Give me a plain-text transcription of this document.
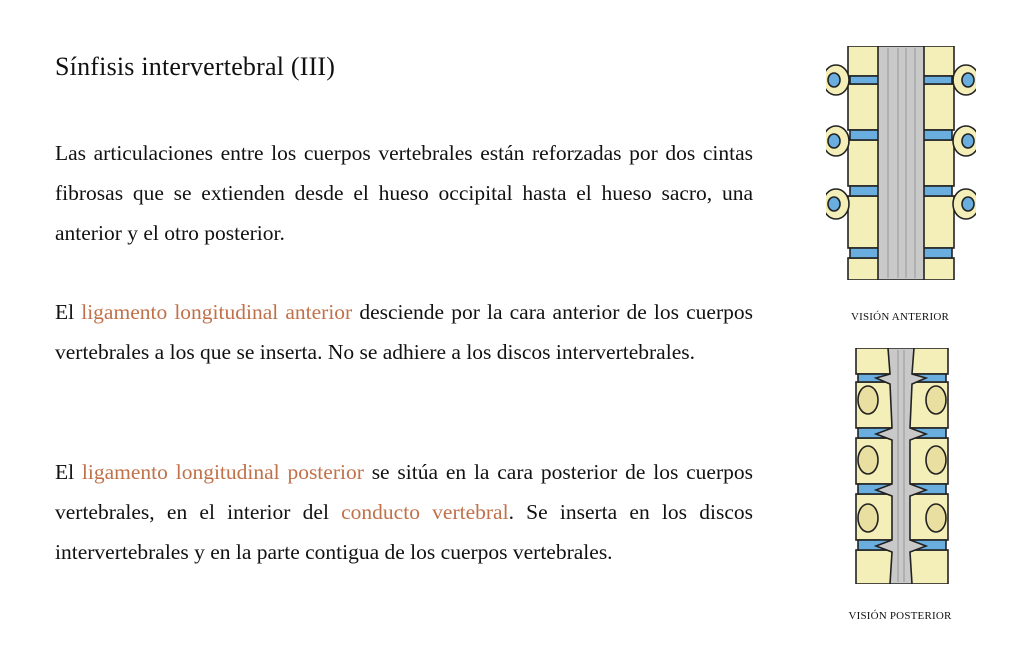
Sínfisis intervertebral (III)

Las articulaciones entre los cuerpos vertebrales están reforzadas por dos cintas fibrosas que se extienden desde el hueso occipital hasta el hueso sacro, una anterior y el otro posterior.

El ligamento longitudinal anterior desciende por la cara anterior de los cuerpos vertebrales a los que se inserta. No se adhiere a los discos intervertebrales.

El ligamento longitudinal posterior se sitúa en la cara posterior de los cuerpos vertebrales, en el interior del conducto vertebral. Se inserta en los discos intervertebrales y en la parte contigua de los cuerpos vertebrales.

VISIÓN ANTERIOR
VISIÓN POSTERIOR
